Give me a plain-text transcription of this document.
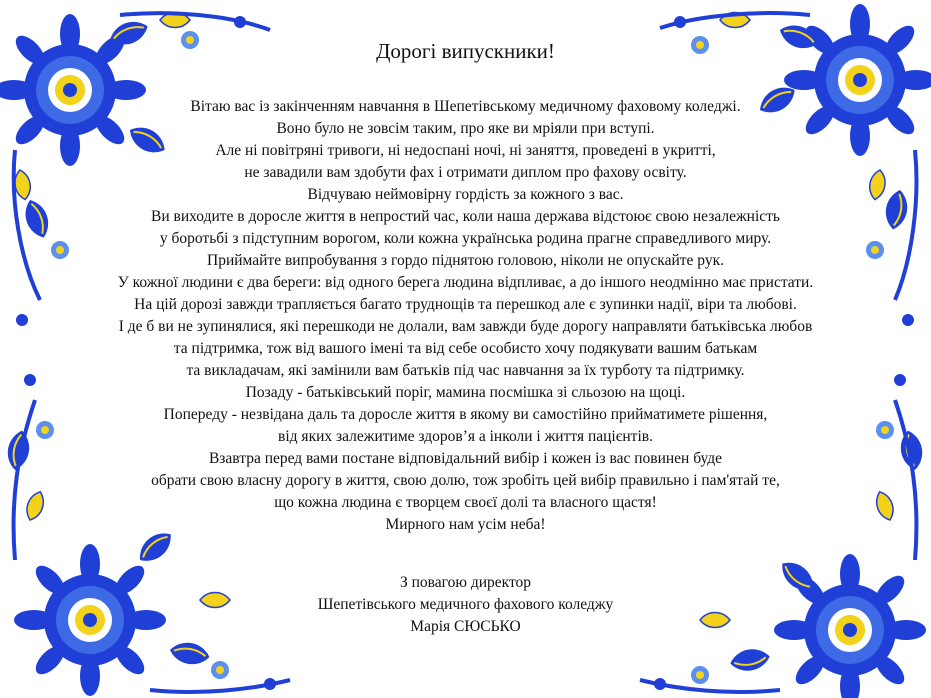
Дорогі випускники!
Вітаю вас із закінченням навчання в Шепетівському медичному фаховому коледжі.
Воно було не зовсім таким, про яке ви мріяли при вступі.
Але ні повітряні тривоги, ні недоспані ночі, ні заняття, проведені в укритті,
не завадили вам здобути фах і отримати диплом про фахову освіту.
Відчуваю неймовірну гордість за кожного з вас.
Ви виходите в доросле життя в непростий час, коли наша держава відстоює свою незалежність
у боротьбі з підступним ворогом, коли кожна українська родина прагне справедливого миру.
Приймайте випробування з гордо піднятою головою, ніколи не опускайте рук.
У кожної людини є два береги: від одного берега людина відпливає, а до іншого неодмінно має пристати.
На цій дорозі завжди трапляється багато труднощів та перешкод але є зупинки надії, віри та любові.
І де б ви не зупинялися, які перешкоди не долали, вам завжди буде дорогу направляти батьківська любов
та підтримка, тож від вашого імені та від себе особисто хочу подякувати вашим батькам
та викладачам, які замінили вам батьків під час навчання за їх турботу та підтримку.
Позаду - батьківський поріг, мамина посмішка зі сльозою на щоці.
Попереду - незвідана даль та доросле життя в якому ви самостійно прийматимете рішення,
від яких залежитиме здоров’я а інколи і життя пацієнтів.
Взавтра перед вами постане відповідальний вибір і кожен із вас повинен буде
обрати свою власну дорогу в життя, свою долю, тож зробіть цей вибір правильно і пам'ятай те,
що кожна людина є творцем своєї долі та власного щастя!
Мирного нам усім неба!
З повагою директор
Шепетівського медичного фахового коледжу
Марія СЮСЬКО
